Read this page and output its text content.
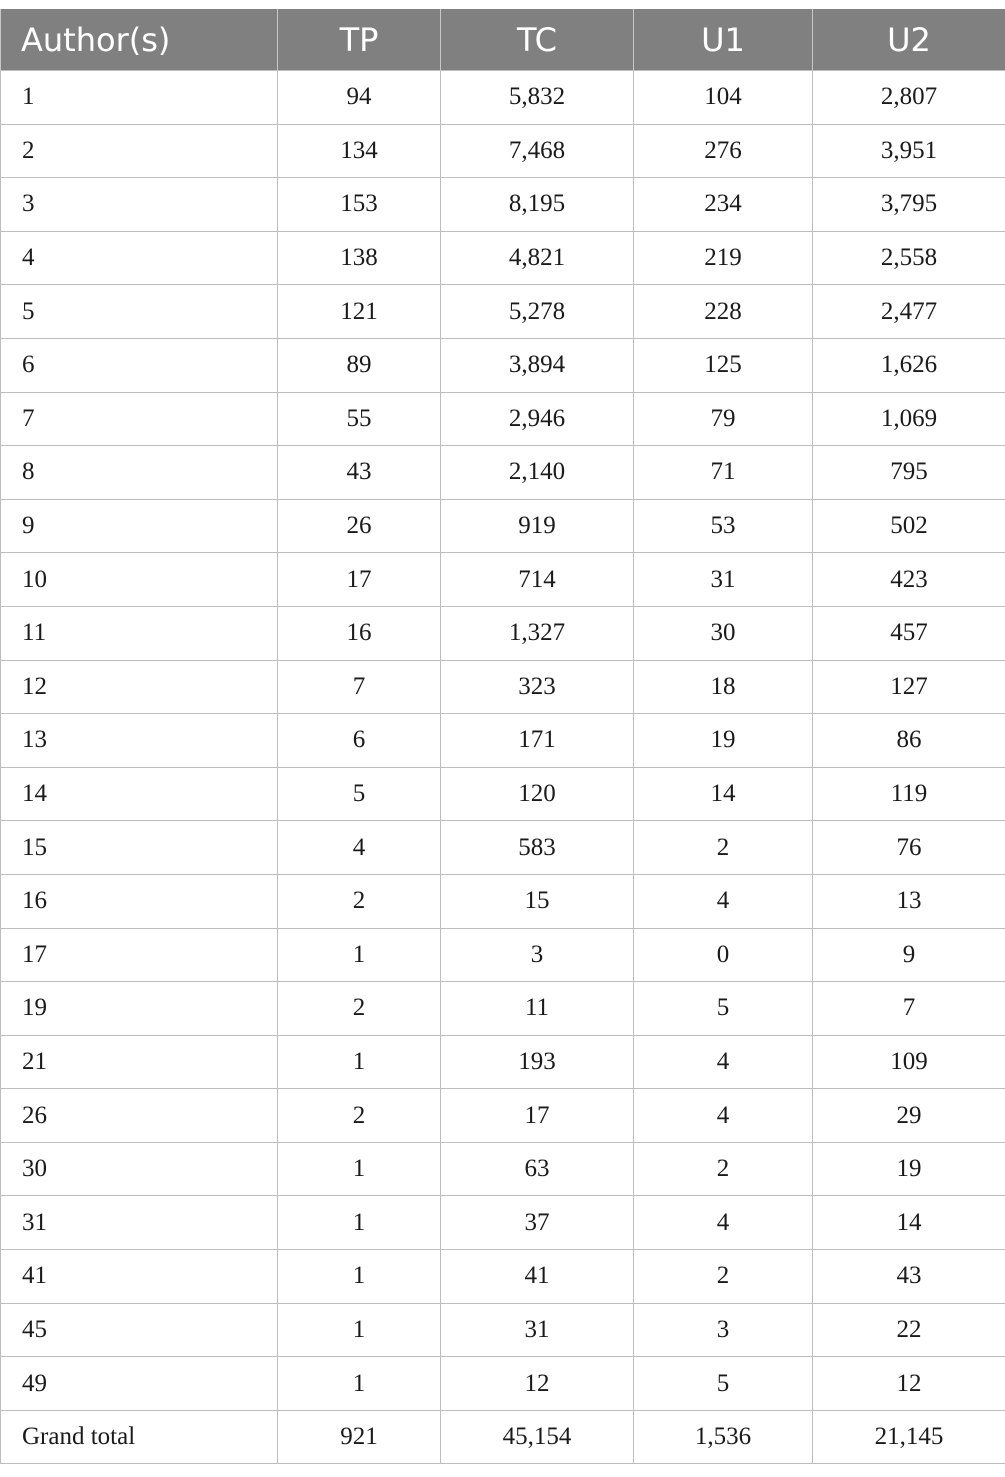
Author(s)	TP	TC	U1	U2
1	94	5,832	104	2,807
2	134	7,468	276	3,951
3	153	8,195	234	3,795
4	138	4,821	219	2,558
5	121	5,278	228	2,477
6	89	3,894	125	1,626
7	55	2,946	79	1,069
8	43	2,140	71	795
9	26	919	53	502
10	17	714	31	423
11	16	1,327	30	457
12	7	323	18	127
13	6	171	19	86
14	5	120	14	119
15	4	583	2	76
16	2	15	4	13
17	1	3	0	9
19	2	11	5	7
21	1	193	4	109
26	2	17	4	29
30	1	63	2	19
31	1	37	4	14
41	1	41	2	43
45	1	31	3	22
49	1	12	5	12
Grand total	921	45,154	1,536	21,145
